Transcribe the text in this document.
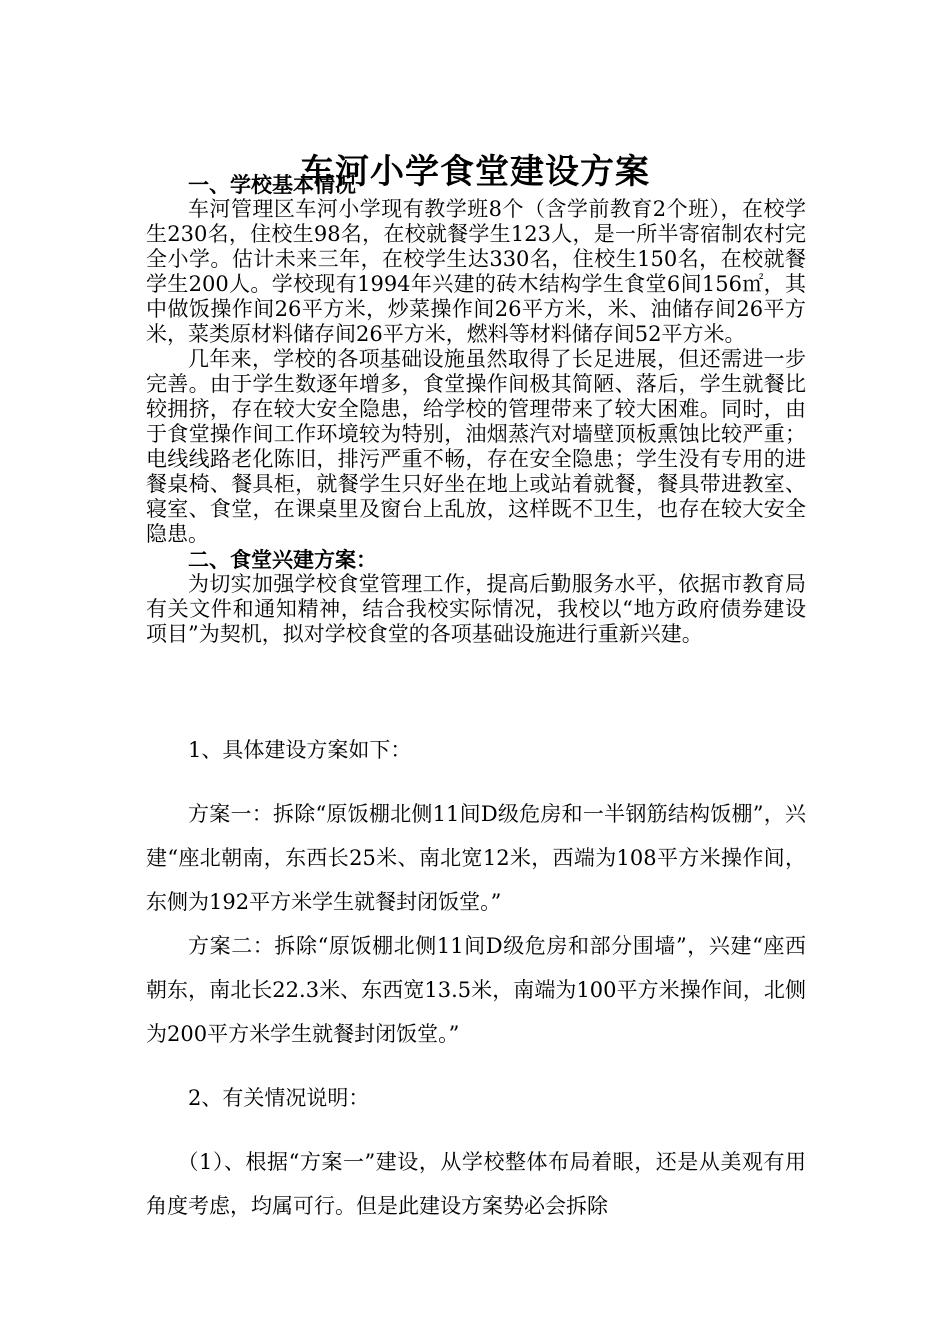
车河小学食堂建设方案
一、学校基本情况

车河管理区车河小学现有教学班8个（含学前教育2个班），在校学生230名，住校生98名，在校就餐学生123人，是一所半寄宿制农村完全小学。估计未来三年，在校学生达330名，住校生150名，在校就餐学生200人。学校现有1994年兴建的砖木结构学生食堂6间156㎡，其中做饭操作间26平方米，炒菜操作间26平方米，米、油储存间26平方米，菜类原材料储存间26平方米，燃料等材料储存间52平方米。

几年来，学校的各项基础设施虽然取得了长足进展，但还需进一步完善。由于学生数逐年增多，食堂操作间极其简陋、落后，学生就餐比较拥挤，存在较大安全隐患，给学校的管理带来了较大困难。同时，由于食堂操作间工作环境较为特别，油烟蒸汽对墙壁顶板熏蚀比较严重；电线线路老化陈旧，排污严重不畅，存在安全隐患；学生没有专用的进餐桌椅、餐具柜，就餐学生只好坐在地上或站着就餐，餐具带进教室、寝室、食堂，在课桌里及窗台上乱放，这样既不卫生，也存在较大安全隐患。

二、食堂兴建方案：

为切实加强学校食堂管理工作，提高后勤服务水平，依据市教育局有关文件和通知精神，结合我校实际情况，我校以“地方政府债券建设项目”为契机，拟对学校食堂的各项基础设施进行重新兴建。

1、具体建设方案如下：

方案一：拆除“原饭棚北侧11间D级危房和一半钢筋结构饭棚”，兴建“座北朝南，东西长25米、南北宽12米，西端为108平方米操作间，东侧为192平方米学生就餐封闭饭堂。”

方案二：拆除“原饭棚北侧11间D级危房和部分围墙”，兴建“座西朝东，南北长22.3米、东西宽13.5米，南端为100平方米操作间，北侧为200平方米学生就餐封闭饭堂。”

2、有关情况说明：

（1）、根据“方案一”建设，从学校整体布局着眼，还是从美观有用角度考虑，均属可行。但是此建设方案势必会拆除
